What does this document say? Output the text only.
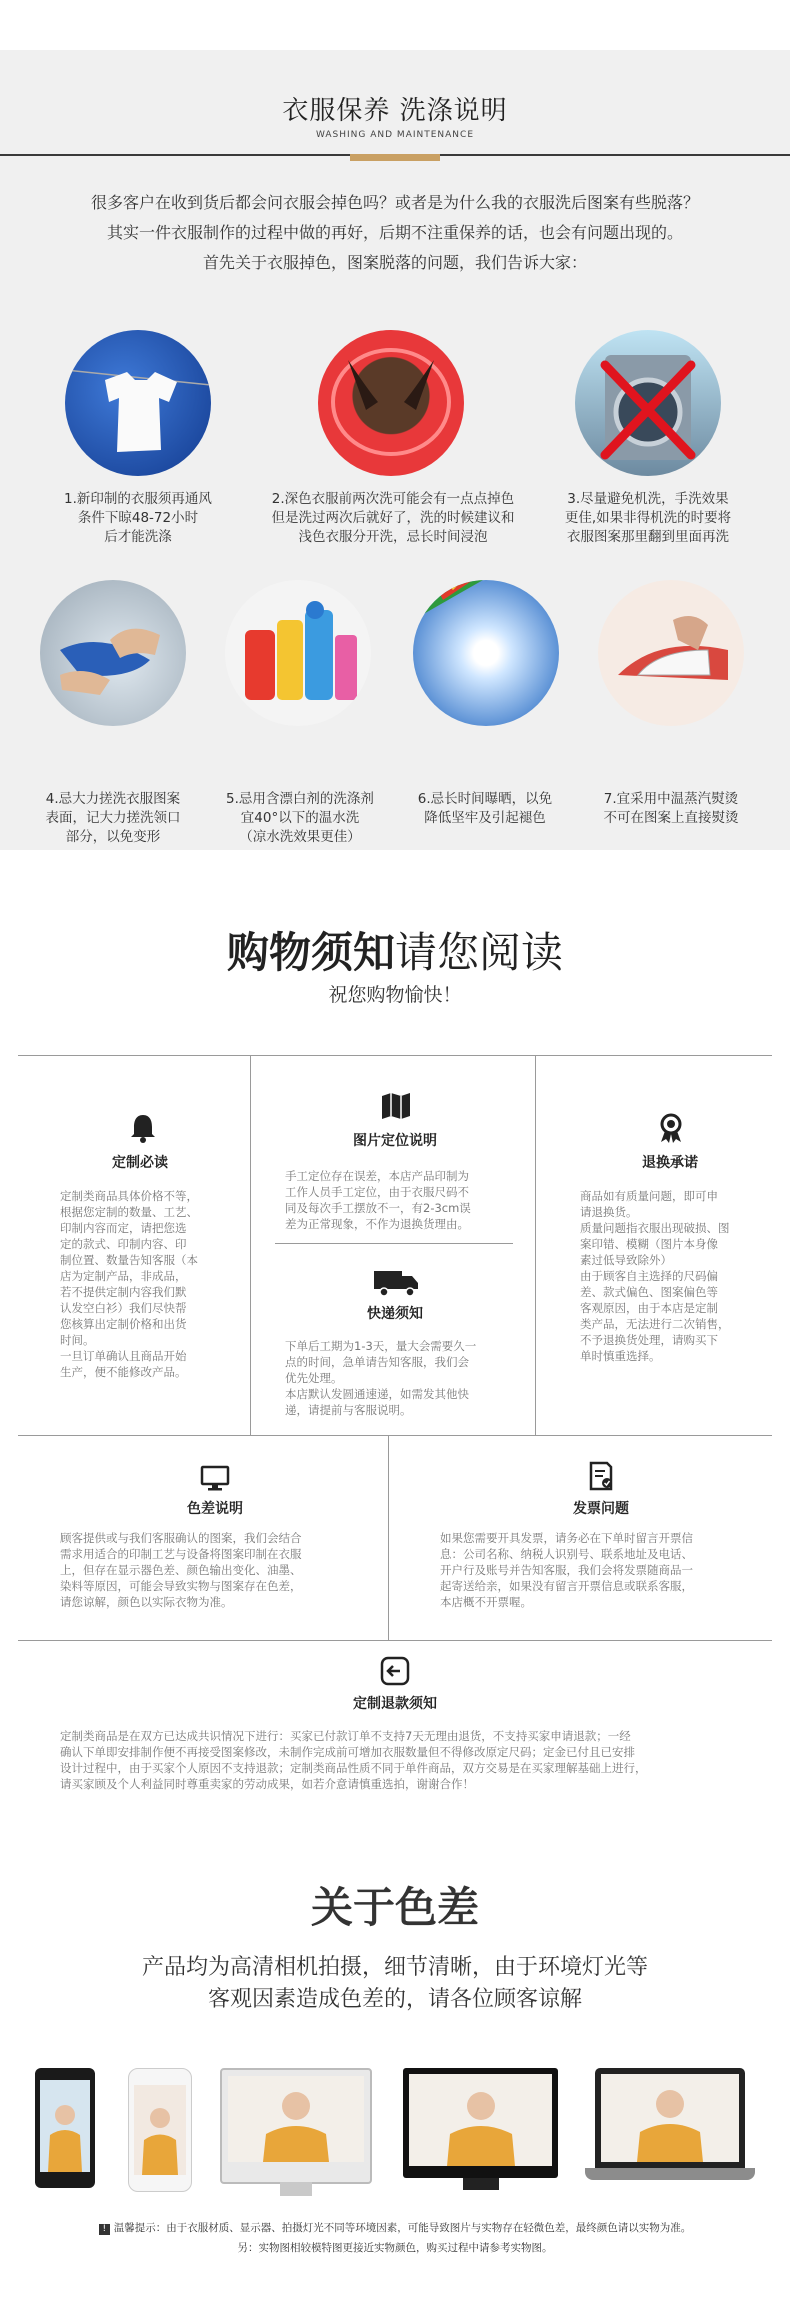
衣服保养 洗涤说明
WASHING AND MAINTENANCE
很多客户在收到货后都会问衣服会掉色吗？或者是为什么我的衣服洗后图案有些脱落？
其实一件衣服制作的过程中做的再好，后期不注重保养的话，也会有问题出现的。
首先关于衣服掉色，图案脱落的问题，我们告诉大家：
1.新印制的衣服须再通风
条件下晾48-72小时
后才能洗涤
2.深色衣服前两次洗可能会有一点点掉色
但是洗过两次后就好了，洗的时候建议和
浅色衣服分开洗，忌长时间浸泡
3.尽量避免机洗，手洗效果
更佳,如果非得机洗的时要将
衣服图案那里翻到里面再洗
4.忌大力搓洗衣服图案
表面，记大力搓洗领口
部分，以免变形
5.忌用含漂白剂的洗涤剂
宜40°以下的温水洗
（凉水洗效果更佳）
6.忌长时间曝晒，以免
降低坚牢及引起褪色
7.宜采用中温蒸汽熨烫
不可在图案上直接熨烫
购物须知请您阅读
祝您购物愉快！
定制必读
定制类商品具体价格不等，
根据您定制的数量、工艺、
印制内容而定，请把您选
定的款式、印制内容、印
制位置、数量告知客服（本
店为定制产品，非成品，
若不提供定制内容我们默
认发空白衫）我们尽快帮
您核算出定制价格和出货
时间。
一旦订单确认且商品开始
生产，便不能修改产品。
图片定位说明
手工定位存在误差，本店产品印制为
工作人员手工定位，由于衣服尺码不
同及每次手工摆放不一，有2-3cm误
差为正常现象，不作为退换货理由。
快递须知
下单后工期为1-3天，量大会需要久一
点的时间，急单请告知客服，我们会
优先处理。
本店默认发圆通速递，如需发其他快
递，请提前与客服说明。
退换承诺
商品如有质量问题，即可申
请退换货。
质量问题指衣服出现破损、图
案印错、模糊（图片本身像
素过低导致除外）
由于顾客自主选择的尺码偏
差、款式偏色、图案偏色等
客观原因，由于本店是定制
类产品，无法进行二次销售，
不予退换货处理，请购买下
单时慎重选择。
色差说明
顾客提供或与我们客服确认的图案，我们会结合
需求用适合的印制工艺与设备将图案印制在衣服
上，但存在显示器色差、颜色输出变化、油墨、
染料等原因，可能会导致实物与图案存在色差，
请您谅解，颜色以实际衣物为准。
发票问题
如果您需要开具发票，请务必在下单时留言开票信
息：公司名称、纳税人识别号、联系地址及电话、
开户行及账号并告知客服，我们会将发票随商品一
起寄送给亲，如果没有留言开票信息或联系客服，
本店概不开票喔。
定制退款须知
定制类商品是在双方已达成共识情况下进行：买家已付款订单不支持7天无理由退货，不支持买家申请退款；一经
确认下单即安排制作便不再接受图案修改，未制作完成前可增加衣服数量但不得修改原定尺码；定金已付且已安排
设计过程中，由于买家个人原因不支持退款；定制类商品性质不同于单件商品，双方交易是在买家理解基础上进行，
请买家顾及个人利益同时尊重卖家的劳动成果，如若介意请慎重选拍，谢谢合作！
关于色差
产品均为高清相机拍摄，细节清晰，由于环境灯光等
客观因素造成色差的，请各位顾客谅解
! 温馨提示：由于衣服材质、显示器、拍摄灯光不同等环境因素，可能导致图片与实物存在轻微色差，最终颜色请以实物为准。
另：实物图相较模特图更接近实物颜色，购买过程中请参考实物图。
